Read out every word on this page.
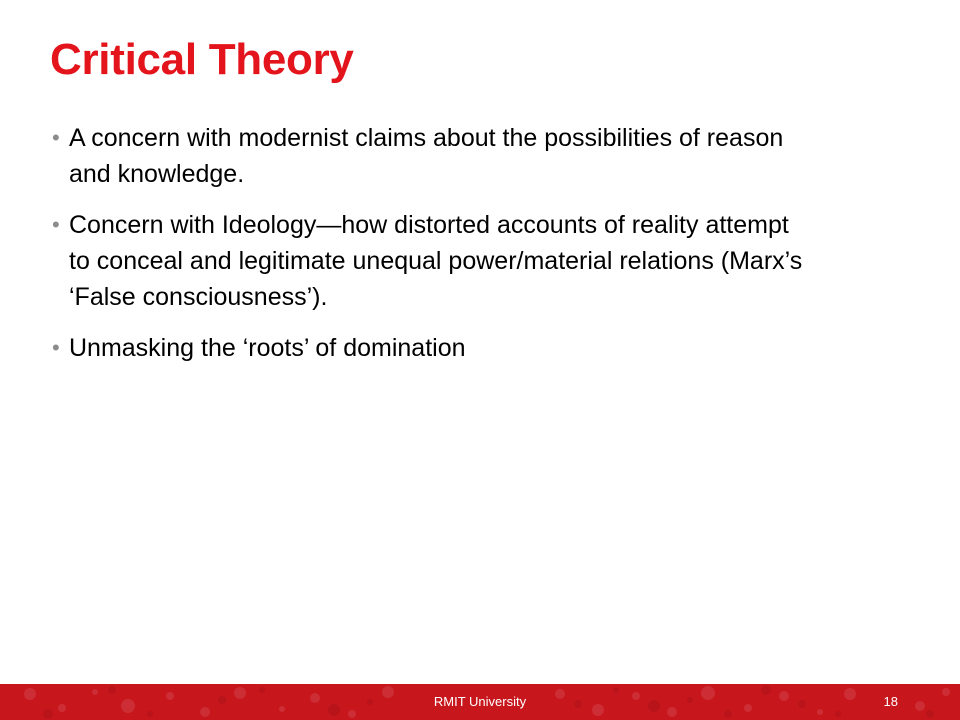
Critical Theory
• A concern with modernist claims about the possibilities of reason and knowledge.
• Concern with Ideology—how distorted accounts of reality attempt to conceal and legitimate unequal power/material relations (Marx’s ‘False consciousness’).
• Unmasking the ‘roots’ of domination
RMIT University	18
